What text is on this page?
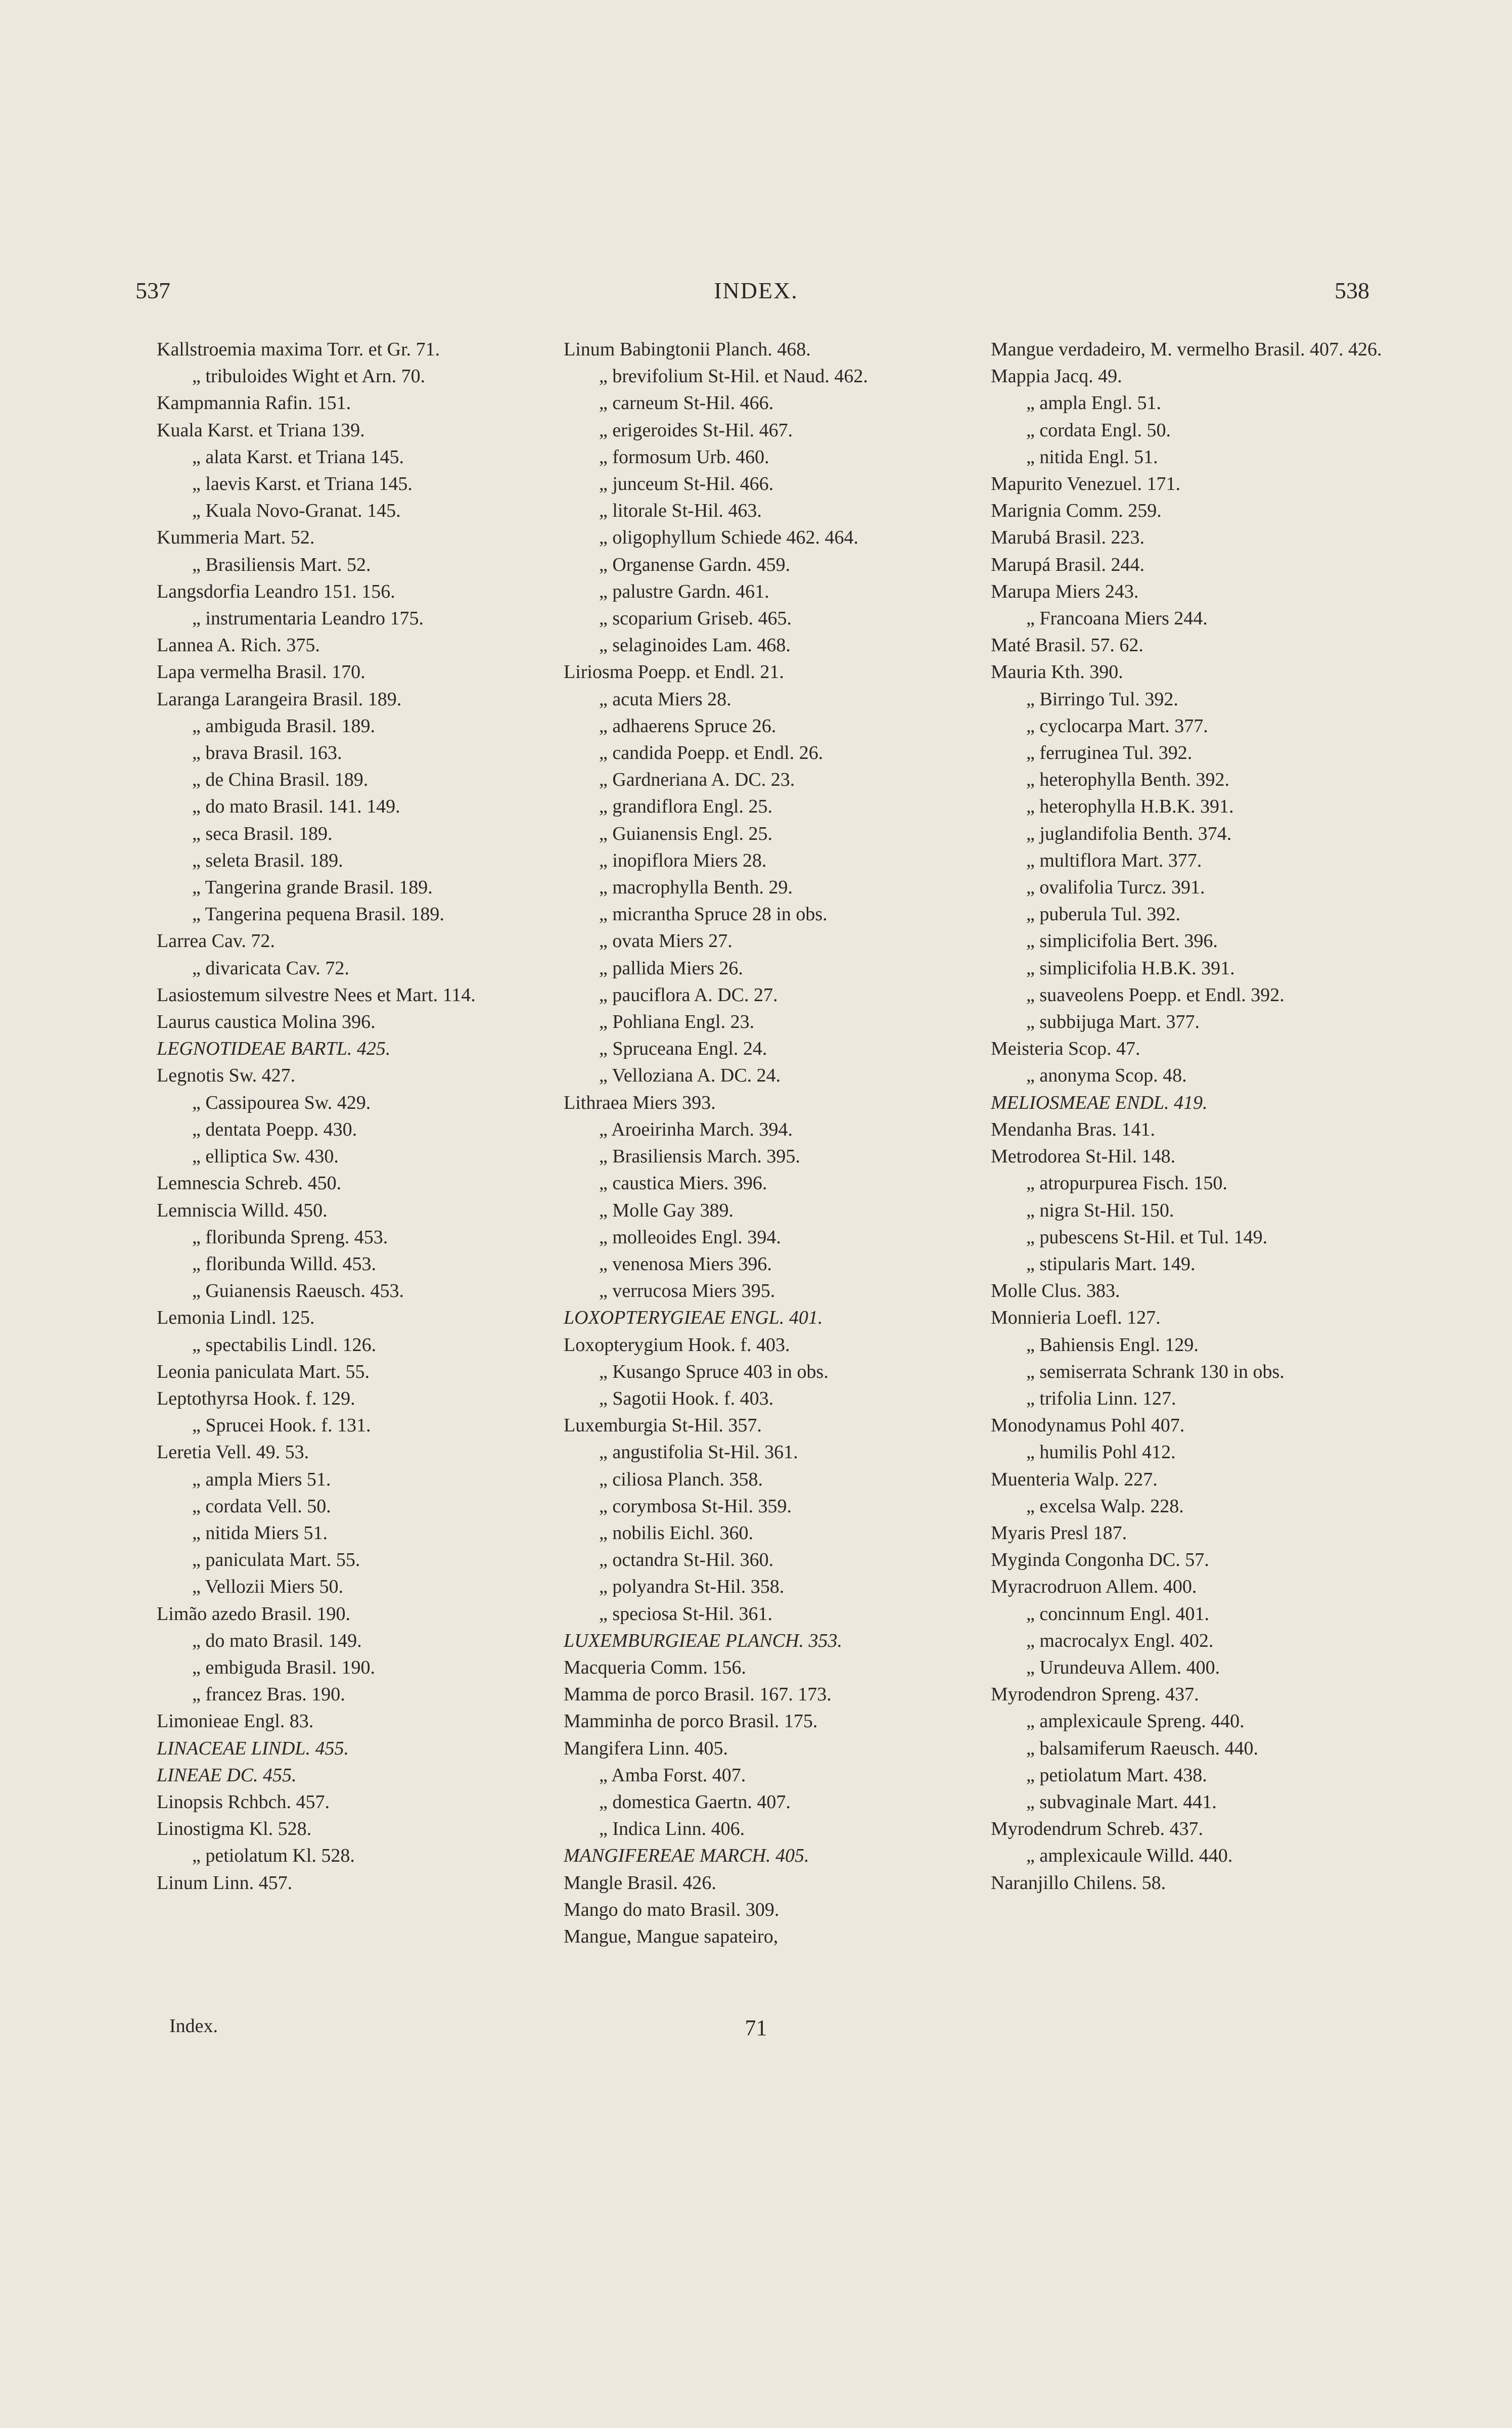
INDEX.
537	538

Kallstroemia maxima Torr. et Gr. 71.

„ tribuloides Wight et Arn. 70.

Kampmannia Rafin. 151.

Kuala Karst. et Triana 139.

„ alata Karst. et Triana 145.

„ laevis Karst. et Triana 145.

„ Kuala Novo-Granat. 145.

Kummeria Mart. 52.

„ Brasiliensis Mart. 52.

Langsdorfia Leandro 151. 156.

„ instrumentaria Leandro 175.

Lannea A. Rich. 375.

Lapa vermelha Brasil. 170.

Laranga Larangeira Brasil. 189.

„ ambiguda Brasil. 189.

„ brava Brasil. 163.

„ de China Brasil. 189.

„ do mato Brasil. 141. 149.

„ seca Brasil. 189.

„ seleta Brasil. 189.

„ Tangerina grande Brasil. 189.

„ Tangerina pequena Brasil. 189.

Larrea Cav. 72.

„ divaricata Cav. 72.

Lasiostemum silvestre Nees et Mart. 114.

Laurus caustica Molina 396.

LEGNOTIDEAE BARTL. 425.

Legnotis Sw. 427.

„ Cassipourea Sw. 429.

„ dentata Poepp. 430.

„ elliptica Sw. 430.

Lemnescia Schreb. 450.

Lemniscia Willd. 450.

„ floribunda Spreng. 453.

„ floribunda Willd. 453.

„ Guianensis Raeusch. 453.

Lemonia Lindl. 125.

„ spectabilis Lindl. 126.

Leonia paniculata Mart. 55.

Leptothyrsa Hook. f. 129.

„ Sprucei Hook. f. 131.

Leretia Vell. 49. 53.

„ ampla Miers 51.

„ cordata Vell. 50.

„ nitida Miers 51.

„ paniculata Mart. 55.

„ Vellozii Miers 50.

Limão azedo Brasil. 190.

„ do mato Brasil. 149.

„ embiguda Brasil. 190.

„ francez Bras. 190.

Limonieae Engl. 83.

LINACEAE LINDL. 455.

LINEAE DC. 455.

Linopsis Rchbch. 457.

Linostigma Kl. 528.

„ petiolatum Kl. 528.

Linum Linn. 457.

Linum Babingtonii Planch. 468.

„ brevifolium St-Hil. et Naud. 462.

„ carneum St-Hil. 466.

„ erigeroides St-Hil. 467.

„ formosum Urb. 460.

„ junceum St-Hil. 466.

„ litorale St-Hil. 463.

„ oligophyllum Schiede 462. 464.

„ Organense Gardn. 459.

„ palustre Gardn. 461.

„ scoparium Griseb. 465.

„ selaginoides Lam. 468.

Liriosma Poepp. et Endl. 21.

„ acuta Miers 28.

„ adhaerens Spruce 26.

„ candida Poepp. et Endl. 26.

„ Gardneriana A. DC. 23.

„ grandiflora Engl. 25.

„ Guianensis Engl. 25.

„ inopiflora Miers 28.

„ macrophylla Benth. 29.

„ micrantha Spruce 28 in obs.

„ ovata Miers 27.

„ pallida Miers 26.

„ pauciflora A. DC. 27.

„ Pohliana Engl. 23.

„ Spruceana Engl. 24.

„ Velloziana A. DC. 24.

Lithraea Miers 393.

„ Aroeirinha March. 394.

„ Brasiliensis March. 395.

„ caustica Miers. 396.

„ Molle Gay 389.

„ molleoides Engl. 394.

„ venenosa Miers 396.

„ verrucosa Miers 395.

LOXOPTERYGIEAE ENGL. 401.

Loxopterygium Hook. f. 403.

„ Kusango Spruce 403 in obs.

„ Sagotii Hook. f. 403.

Luxemburgia St-Hil. 357.

„ angustifolia St-Hil. 361.

„ ciliosa Planch. 358.

„ corymbosa St-Hil. 359.

„ nobilis Eichl. 360.

„ octandra St-Hil. 360.

„ polyandra St-Hil. 358.

„ speciosa St-Hil. 361.

LUXEMBURGIEAE PLANCH. 353.

Macqueria Comm. 156.

Mamma de porco Brasil. 167. 173.

Mamminha de porco Brasil. 175.

Mangifera Linn. 405.

„ Amba Forst. 407.

„ domestica Gaertn. 407.

„ Indica Linn. 406.

MANGIFEREAE MARCH. 405.

Mangle Brasil. 426.

Mango do mato Brasil. 309.

Mangue, Mangue sapateiro,

Mangue verdadeiro, M. vermelho Brasil. 407. 426.

Mappia Jacq. 49.

„ ampla Engl. 51.

„ cordata Engl. 50.

„ nitida Engl. 51.

Mapurito Venezuel. 171.

Marignia Comm. 259.

Marubá Brasil. 223.

Marupá Brasil. 244.

Marupa Miers 243.

„ Francoana Miers 244.

Maté Brasil. 57. 62.

Mauria Kth. 390.

„ Birringo Tul. 392.

„ cyclocarpa Mart. 377.

„ ferruginea Tul. 392.

„ heterophylla Benth. 392.

„ heterophylla H.B.K. 391.

„ juglandifolia Benth. 374.

„ multiflora Mart. 377.

„ ovalifolia Turcz. 391.

„ puberula Tul. 392.

„ simplicifolia Bert. 396.

„ simplicifolia H.B.K. 391.

„ suaveolens Poepp. et Endl. 392.

„ subbijuga Mart. 377.

Meisteria Scop. 47.

„ anonyma Scop. 48.

MELIOSMEAE ENDL. 419.

Mendanha Bras. 141.

Metrodorea St-Hil. 148.

„ atropurpurea Fisch. 150.

„ nigra St-Hil. 150.

„ pubescens St-Hil. et Tul. 149.

„ stipularis Mart. 149.

Molle Clus. 383.

Monnieria Loefl. 127.

„ Bahiensis Engl. 129.

„ semiserrata Schrank 130 in obs.

„ trifolia Linn. 127.

Monodynamus Pohl 407.

„ humilis Pohl 412.

Muenteria Walp. 227.

„ excelsa Walp. 228.

Myaris Presl 187.

Myginda Congonha DC. 57.

Myracrodruon Allem. 400.

„ concinnum Engl. 401.

„ macrocalyx Engl. 402.

„ Urundeuva Allem. 400.

Myrodendron Spreng. 437.

„ amplexicaule Spreng. 440.

„ balsamiferum Raeusch. 440.

„ petiolatum Mart. 438.

„ subvaginale Mart. 441.

Myrodendrum Schreb. 437.

„ amplexicaule Willd. 440.

Naranjillo Chilens. 58.

71
Index.
